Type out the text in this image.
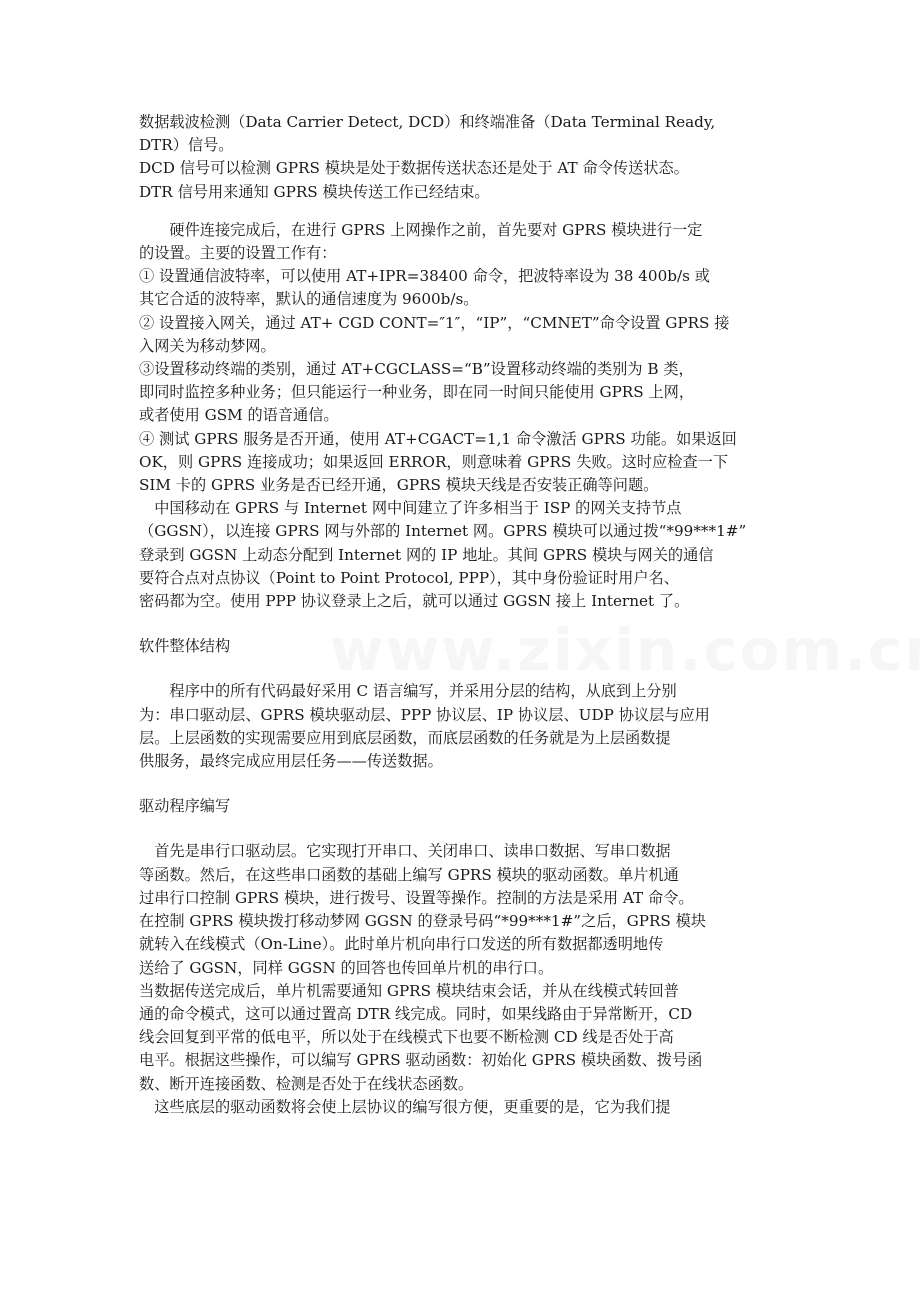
数据载波检测（Data Carrier Detect, DCD）和终端准备（Data Terminal Ready,

DTR）信号。

DCD 信号可以检测 GPRS 模块是处于数据传送状态还是处于 AT 命令传送状态。

DTR 信号用来通知 GPRS 模块传送工作已经结束。

　　硬件连接完成后，在进行 GPRS 上网操作之前，首先要对 GPRS 模块进行一定

的设置。主要的设置工作有：

① 设置通信波特率，可以使用 AT+IPR=38400 命令，把波特率设为 38 400b/s 或

其它合适的波特率，默认的通信速度为 9600b/s。

② 设置接入网关，通过 AT+ CGD CONT=″1″，“IP”，“CMNET”命令设置 GPRS 接

入网关为移动梦网。

③设置移动终端的类别，通过 AT+CGCLASS=“B”设置移动终端的类别为 B 类，

即同时监控多种业务；但只能运行一种业务，即在同一时间只能使用 GPRS 上网，

或者使用 GSM 的语音通信。

④ 测试 GPRS 服务是否开通，使用 AT+CGACT=1,1 命令激活 GPRS 功能。如果返回

OK，则 GPRS 连接成功；如果返回 ERROR，则意味着 GPRS 失败。这时应检查一下

SIM 卡的 GPRS 业务是否已经开通，GPRS 模块天线是否安装正确等问题。

　中国移动在 GPRS 与 Internet 网中间建立了许多相当于 ISP 的网关支持节点

（GGSN），以连接 GPRS 网与外部的 Internet 网。GPRS 模块可以通过拨“*99***1#”

登录到 GGSN 上动态分配到 Internet 网的 IP 地址。其间 GPRS 模块与网关的通信

要符合点对点协议（Point to Point Protocol, PPP），其中身份验证时用户名、

密码都为空。使用 PPP 协议登录上之后，就可以通过 GGSN 接上 Internet 了。

软件整体结构

　　程序中的所有代码最好采用 C 语言编写，并采用分层的结构，从底到上分别

为：串口驱动层、GPRS 模块驱动层、PPP 协议层、IP 协议层、UDP 协议层与应用

层。上层函数的实现需要应用到底层函数，而底层函数的任务就是为上层函数提

供服务，最终完成应用层任务——传送数据。

驱动程序编写

　首先是串行口驱动层。它实现打开串口、关闭串口、读串口数据、写串口数据

等函数。然后，在这些串口函数的基础上编写 GPRS 模块的驱动函数。单片机通

过串行口控制 GPRS 模块，进行拨号、设置等操作。控制的方法是采用 AT 命令。

在控制 GPRS 模块拨打移动梦网 GGSN 的登录号码“*99***1#”之后，GPRS 模块

就转入在线模式（On-Line）。此时单片机向串行口发送的所有数据都透明地传

送给了 GGSN，同样 GGSN 的回答也传回单片机的串行口。

当数据传送完成后，单片机需要通知 GPRS 模块结束会话，并从在线模式转回普

通的命令模式，这可以通过置高 DTR 线完成。同时，如果线路由于异常断开，CD

线会回复到平常的低电平，所以处于在线模式下也要不断检测 CD 线是否处于高

电平。根据这些操作，可以编写 GPRS 驱动函数：初始化 GPRS 模块函数、拨号函

数、断开连接函数、检测是否处于在线状态函数。

　这些底层的驱动函数将会使上层协议的编写很方便，更重要的是，它为我们提
